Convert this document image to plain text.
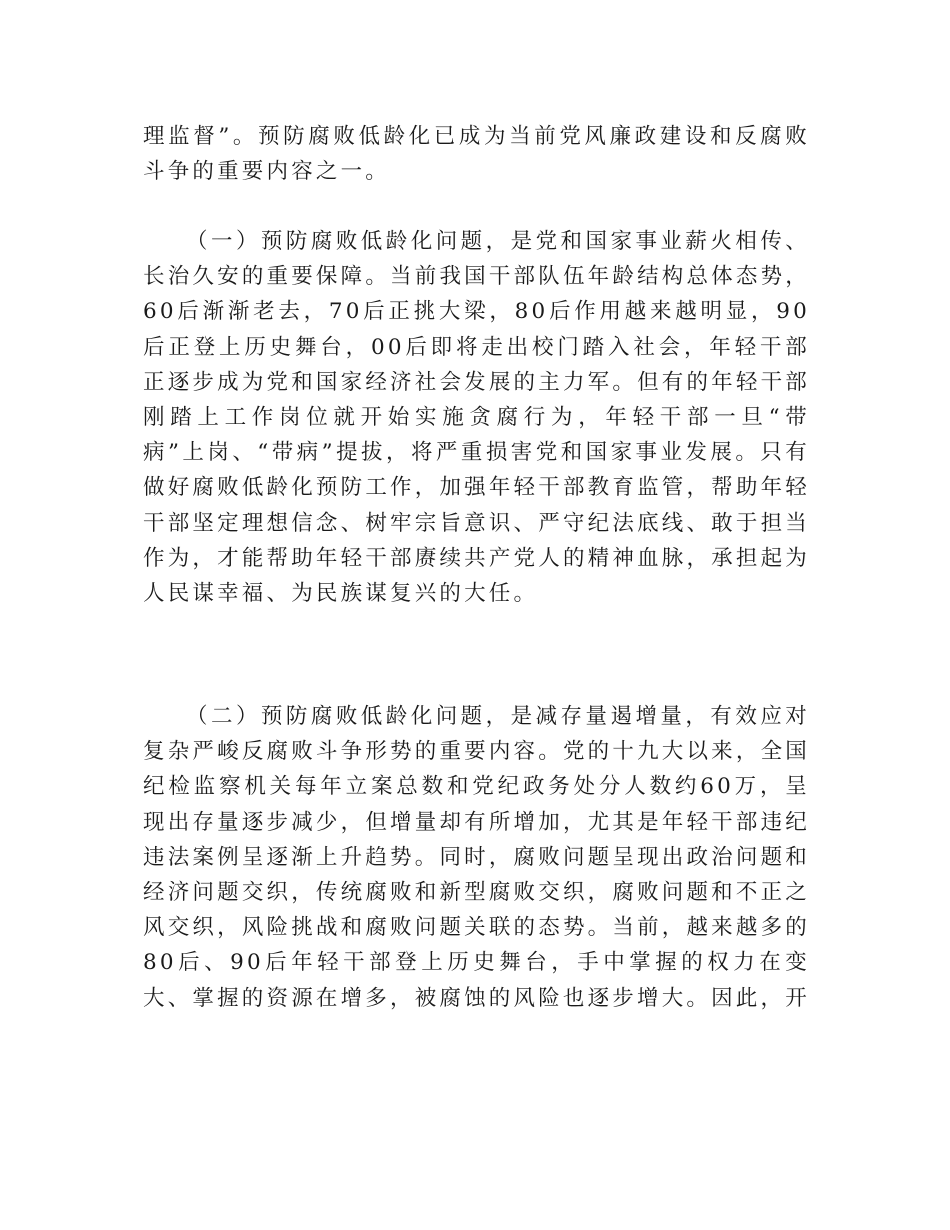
理监督”。预防腐败低龄化已成为当前党风廉政建设和反腐败斗争的重要内容之一。

（一）预防腐败低龄化问题，是党和国家事业薪火相传、长治久安的重要保障。当前我国干部队伍年龄结构总体态势，60后渐渐老去，70后正挑大梁，80后作用越来越明显，90后正登上历史舞台，00后即将走出校门踏入社会，年轻干部正逐步成为党和国家经济社会发展的主力军。但有的年轻干部刚踏上工作岗位就开始实施贪腐行为，年轻干部一旦“带病”上岗、“带病”提拔，将严重损害党和国家事业发展。只有做好腐败低龄化预防工作，加强年轻干部教育监管，帮助年轻干部坚定理想信念、树牢宗旨意识、严守纪法底线、敢于担当作为，才能帮助年轻干部赓续共产党人的精神血脉，承担起为人民谋幸福、为民族谋复兴的大任。

（二）预防腐败低龄化问题，是减存量遏增量，有效应对复杂严峻反腐败斗争形势的重要内容。党的十九大以来，全国纪检监察机关每年立案总数和党纪政务处分人数约60万，呈现出存量逐步减少，但增量却有所增加，尤其是年轻干部违纪违法案例呈逐渐上升趋势。同时，腐败问题呈现出政治问题和经济问题交织，传统腐败和新型腐败交织，腐败问题和不正之风交织，风险挑战和腐败问题关联的态势。当前，越来越多的80后、90后年轻干部登上历史舞台，手中掌握的权力在变大、掌握的资源在增多，被腐蚀的风险也逐步增大。因此，开
